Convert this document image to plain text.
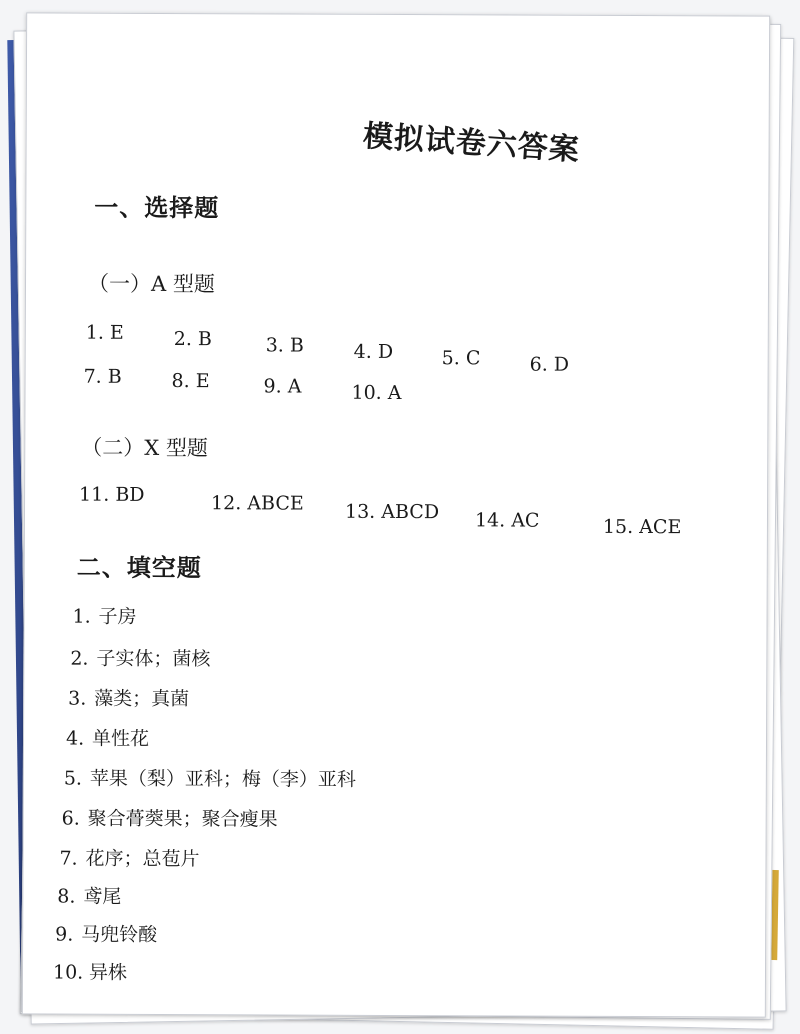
模拟试卷六答案
一、选择题
（一）A 型题
1. E	2. B	3. B	4. D	5. C	6. D
7. B	8. E	9. A	10. A
（二）X 型题
11. BD	12. ABCE 13. ABCD 14. AC	15. ACE
二、填空题
1. 子房
2. 子实体；菌核
3. 藻类；真菌
4. 单性花
5. 苹果（梨）亚科；梅（李）亚科
6. 聚合蓇葖果；聚合瘦果
7. 花序；总苞片
8. 鸢尾
9. 马兜铃酸
10. 异株
